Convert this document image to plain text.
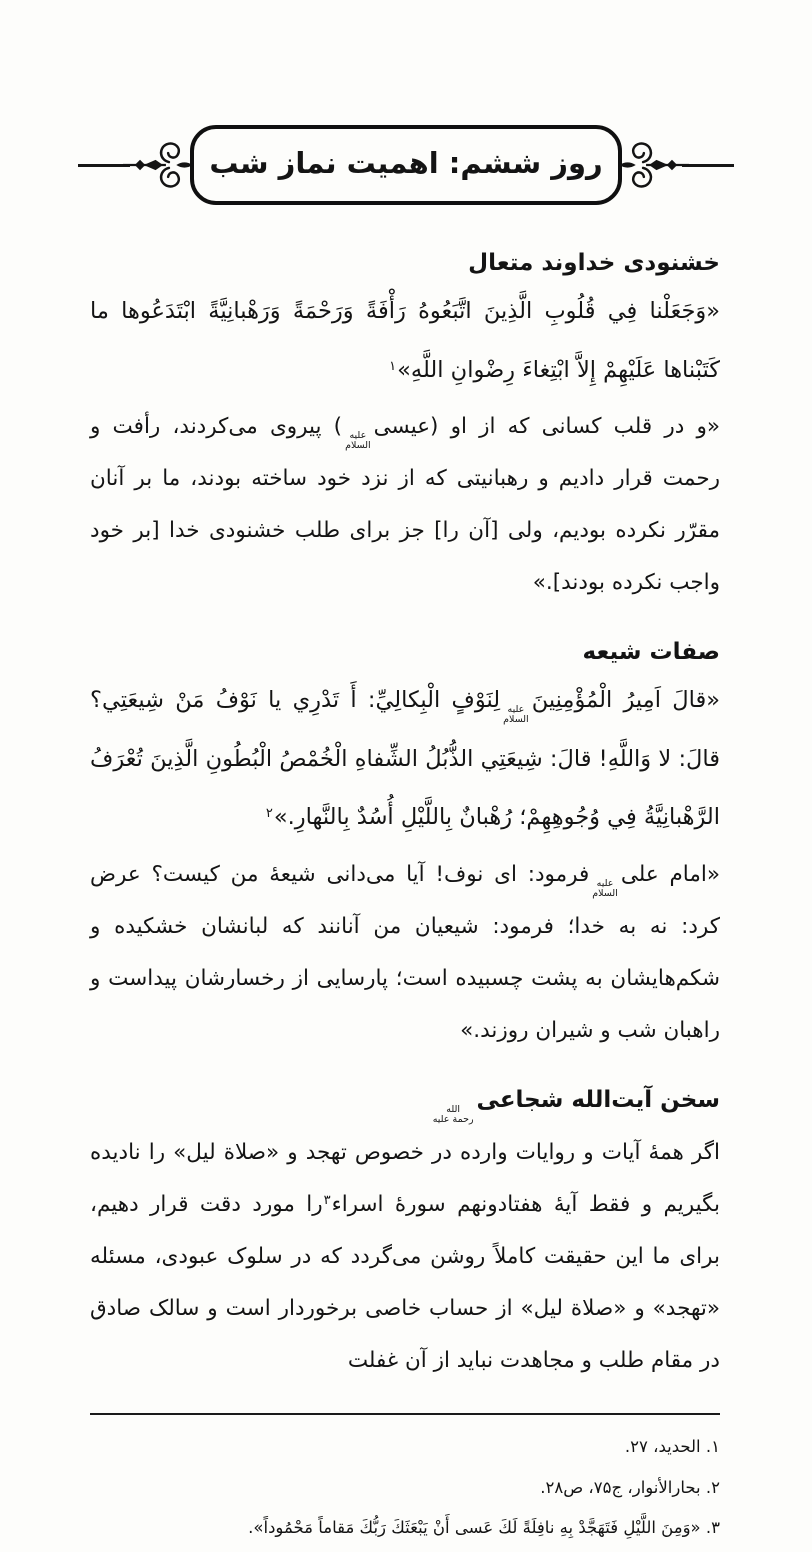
روز ششم: اهمیت نماز شب
خشنودی خداوند متعال

«وَجَعَلْنا فِي قُلُوبِ الَّذِينَ اتَّبَعُوهُ رَأْفَةً وَرَحْمَةً وَرَهْبانِيَّةً ابْتَدَعُوها ما كَتَبْناها عَلَيْهِمْ إِلاَّ ابْتِغاءَ رِضْوانِ اللَّهِ»$^۱$

«و در قلب کسانی که از او (عیسی
علیه
السلام
) پیروی می‌کردند، رأفت و رحمت قرار دادیم و رهبانیتی که از نزد خود ساخته بودند، ما بر آنان مقرّر نکرده بودیم، ولی [آن را] جز برای طلب خشنودی خدا [بر خود واجب نکرده بودند].»

صفات شیعه

«قالَ اَمِيرُ الْمُؤْمِنِينَ
علیه
السلام
لِنَوْفٍ الْبِكالِيِّ: أَ تَدْرِي يا نَوْفُ مَنْ شِيعَتِي؟ قالَ: لا وَاللَّهِ! قالَ: شِيعَتِي الذُّبُلُ الشِّفاهِ الْخُمْصُ الْبُطُونِ الَّذِينَ تُعْرَفُ الرَّهْبانِيَّةُ فِي وُجُوهِهِمْ؛ رُهْبانٌ بِاللَّيْلِ أُسُدٌ بِالنَّهارِ.»$^۲$

«امام علی
علیه
السلام
فرمود: ای نوف! آیا می‌دانی شیعهٔ من کیست؟ عرض کرد: نه به خدا؛ فرمود: شیعیان من آنانند که لبانشان خشکیده و شکم‌هایشان به پشت چسبیده است؛ پارسایی از رخسارشان پیداست و راهبان شب و شیران روزند.»

سخن آیت‌الله شجاعی
الله
رحمة علیه

اگر همهٔ آیات و روایات وارده در خصوص تهجد و «صلاة لیل» را نادیده بگیریم و فقط آیهٔ هفتادونهم سورهٔ اسراء$^۳$را مورد دقت قرار دهیم، برای ما این حقیقت کاملاً روشن می‌گردد که در سلوک عبودی، مسئله «تهجد» و «صلاة لیل» از حساب خاصی برخوردار است و سالک صادق در مقام طلب و مجاهدت نباید از آن غفلت

۱. الحدید، ۲۷.

۲. بحارالأنوار، ج۷۵، ص۲۸.

۳. «وَمِنَ اللَّيْلِ فَتَهَجَّدْ بِهِ نافِلَةً لَكَ عَسى أَنْ يَبْعَثَكَ رَبُّكَ مَقاماً مَحْمُوداً».
